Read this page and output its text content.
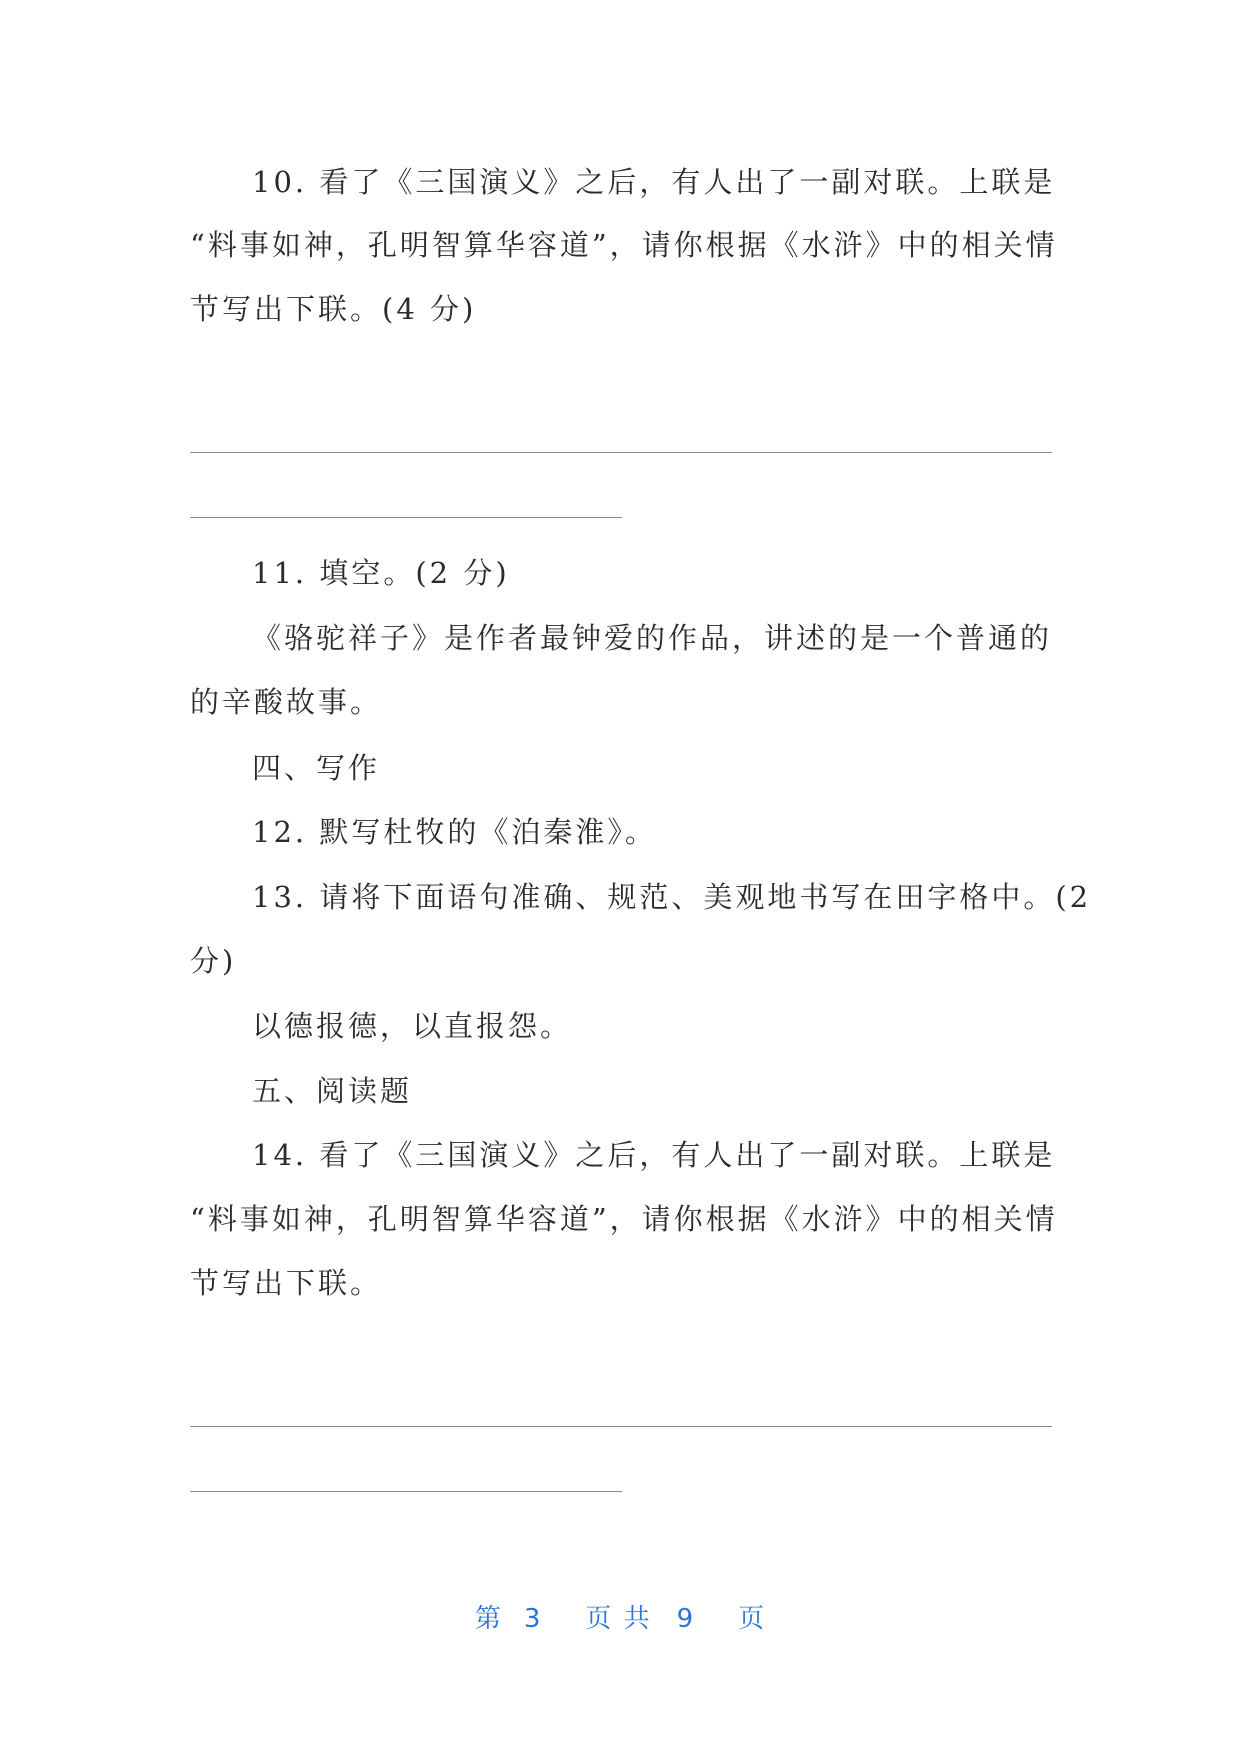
10. 看了《三国演义》之后，有人出了一副对联。上联是
“料事如神，孔明智算华容道”，请你根据《水浒》中的相关情
节写出下联。(4 分)
11. 填空。(2 分)
《骆驼祥子》是作者最钟爱的作品，讲述的是一个普通的
的辛酸故事。
四、写作
12. 默写杜牧的《泊秦淮》。
13. 请将下面语句准确、规范、美观地书写在田字格中。(2
分)
以德报德，以直报怨。
五、阅读题
14. 看了《三国演义》之后，有人出了一副对联。上联是
“料事如神，孔明智算华容道”，请你根据《水浒》中的相关情
节写出下联。
第 3 页 共 9 页
